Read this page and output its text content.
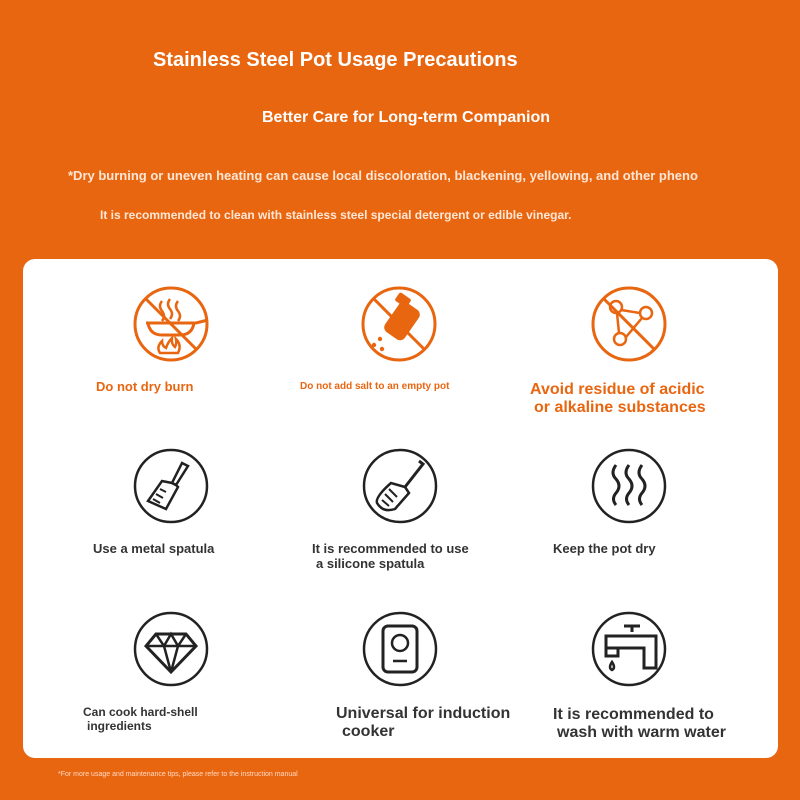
Stainless Steel Pot Usage Precautions
Better Care for Long-term Companion
*Dry burning or uneven heating can cause local discoloration, blackening, yellowing, and other pheno
It is recommended to clean with stainless steel special detergent or edible vinegar.
Do not dry burn	Do not add salt to an empty pot	Avoid residue of acidic
or alkaline substances
Use a metal spatula	It is recommended to use
a silicone spatula
Keep the pot dry
Can cook hard-shell
ingredients
Universal for induction
cooker
It is recommended to
wash with warm water
*For more usage and maintenance tips, please refer to the instruction manual
